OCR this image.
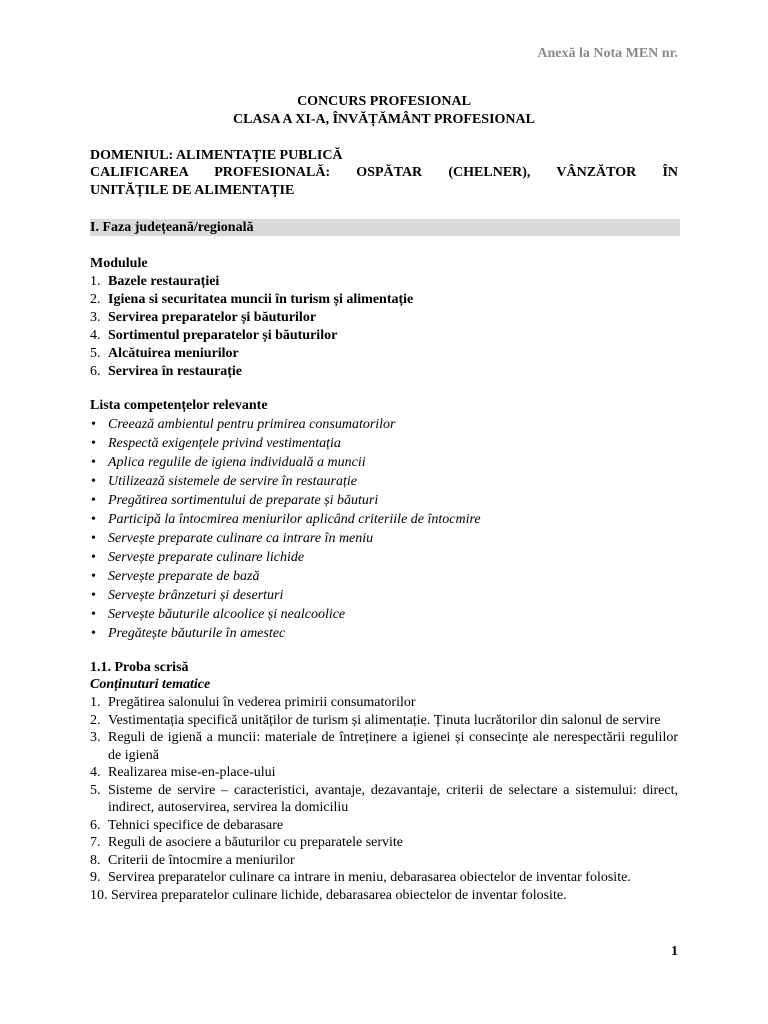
Anexă la Nota MEN nr.
CONCURS PROFESIONAL
CLASA A XI-A, ÎNVĂȚĂMÂNT PROFESIONAL
DOMENIUL: ALIMENTAȚIE PUBLICĂ
CALIFICAREA PROFESIONALĂ: OSPĂTAR (CHELNER), VÂNZĂTOR ÎN
UNITĂȚILE DE ALIMENTAȚIE
I. Faza județeană/regională
Modulule
1. Bazele restaurației
2. Igiena si securitatea muncii în turism și alimentație
3. Servirea preparatelor și băuturilor
4. Sortimentul preparatelor și băuturilor
5. Alcătuirea meniurilor
6. Servirea în restaurație
Lista competențelor relevante
• Creează ambientul pentru primirea consumatorilor
• Respectă exigențele privind vestimentația
• Aplica regulile de igiena individuală a muncii
• Utilizează sistemele de servire în restaurație
• Pregătirea sortimentului de preparate și băuturi
• Participă la întocmirea meniurilor aplicând criteriile de întocmire
• Servește preparate culinare ca intrare în meniu
• Servește preparate culinare lichide
• Servește preparate de bază
• Servește brânzeturi și deserturi
• Servește băuturile alcoolice și nealcoolice
• Pregătește băuturile în amestec
1.1. Proba scrisă
Conținuturi tematice
1. Pregătirea salonului în vederea primirii consumatorilor
2. Vestimentația specifică unităților de turism și alimentație. Ținuta lucrătorilor din salonul de servire
3. Reguli de igienă a muncii: materiale de întreținere a igienei și consecințe ale nerespectării regulilor de igienă
4. Realizarea mise-en-place-ului
5. Sisteme de servire – caracteristici, avantaje, dezavantaje, criterii de selectare a sistemului: direct, indirect, autoservirea, servirea la domiciliu
6. Tehnici specifice de debarasare
7. Reguli de asociere a băuturilor cu preparatele servite
8. Criterii de întocmire a meniurilor
9. Servirea preparatelor culinare ca intrare in meniu, debarasarea obiectelor de inventar folosite.
10. Servirea preparatelor culinare lichide, debarasarea obiectelor de inventar folosite.
1
